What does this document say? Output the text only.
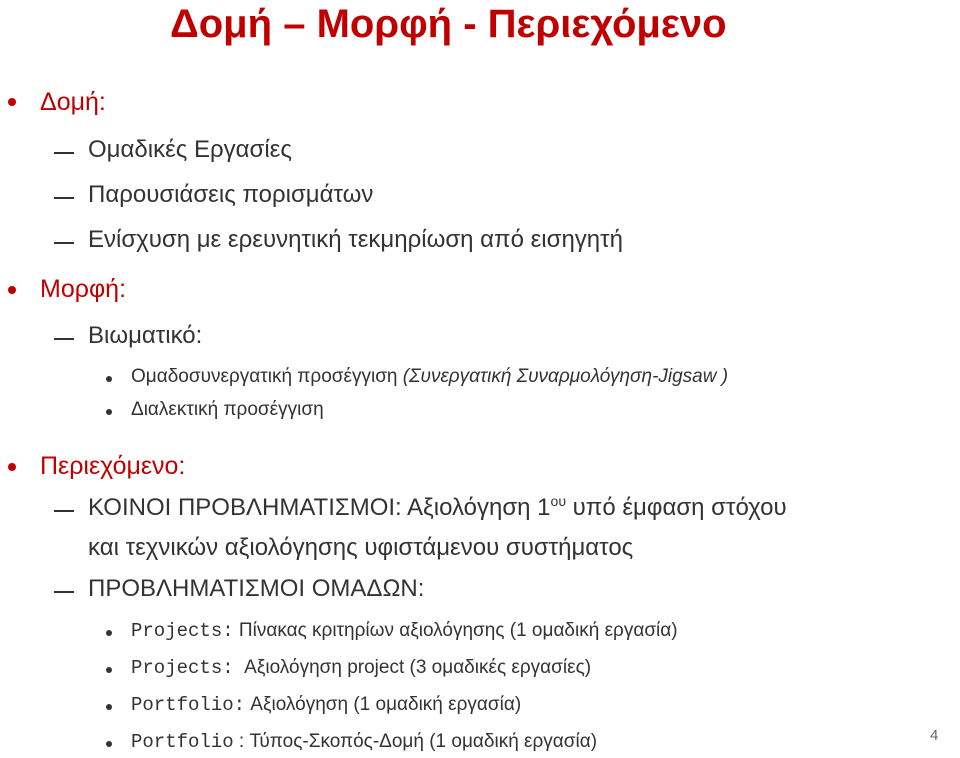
Δομή – Μορφή - Περιεχόμενο
Δομή:
Ομαδικές Εργασίες
Παρουσιάσεις πορισμάτων
Ενίσχυση με ερευνητική τεκμηρίωση από εισηγητή
Μορφή:
Βιωματικό:
Ομαδοσυνεργατική προσέγγιση (Συνεργατική Συναρμολόγηση-Jigsaw )
Διαλεκτική προσέγγιση
Περιεχόμενο:
ΚΟΙΝΟΙ ΠΡΟΒΛΗΜΑΤΙΣΜΟΙ: Αξιολόγηση $1^{o\upsilon}$ υπό έμφαση στόχου
και τεχνικών αξιολόγησης υφιστάμενου συστήματος
ΠΡΟΒΛΗΜΑΤΙΣΜΟΙ ΟΜΑΔΩΝ:
Projects: Πίνακας κριτηρίων αξιολόγησης (1 ομαδική εργασία)
Projects:  Αξιολόγηση project (3 ομαδικές εργασίες)
Portfolio: Αξιολόγηση (1 ομαδική εργασία)
Portfolio : Τύπος-Σκοπός-Δομή (1 ομαδική εργασία)	4
